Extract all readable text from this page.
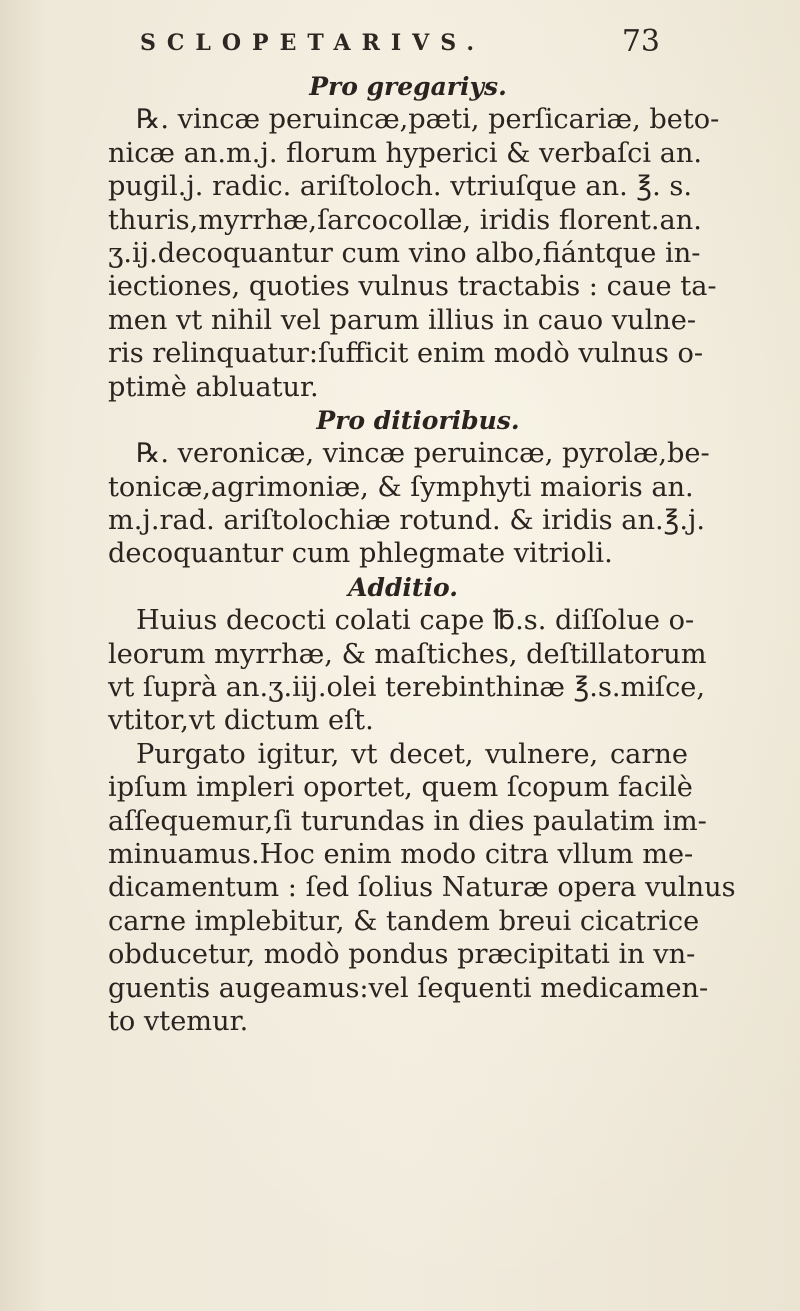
SCLOPETARIVS.	73
Pro gregariys.
℞. vincæ peruincæ,pæti, perſicariæ, beto-
nicæ an.m.j. florum hyperici & verbaſci an.
pugil.j. radic. ariſtoloch. vtriuſque an. ℥. s.
thuris,myrrhæ,ſarcocollæ, iridis florent.an.
ʒ.ij.decoquantur cum vino albo,fiántque in-
iectiones, quoties vulnus tractabis : caue ta-
men vt nihil vel parum illius in cauo vulne-
ris relinquatur:ſufficit enim modò vulnus o-
ptimè abluatur.
Pro ditioribus.
℞. veronicæ, vincæ peruincæ, pyrolæ,be-
tonicæ,agrimoniæ, & ſymphyti maioris an.
m.j.rad. ariſtolochiæ rotund. & iridis an.℥.j.
decoquantur cum phlegmate vitrioli.
Additio.
Huius decocti colati cape ℔.s. diſſolue o-
leorum myrrhæ, & maſtiches, deſtillatorum
vt ſuprà an.ʒ.iij.olei terebinthinæ ℥.s.miſce,
vtitor,vt dictum eſt.
Purgato igitur, vt decet, vulnere, carne
ipſum impleri oportet, quem ſcopum facilè
aſſequemur,ſi turundas in dies paulatim im-
minuamus.Hoc enim modo citra vllum me-
dicamentum : ſed ſolius Naturæ opera vulnus
carne implebitur, & tandem breui cicatrice
obducetur, modò pondus præcipitati in vn-
guentis augeamus:vel ſequenti medicamen-
to vtemur.
